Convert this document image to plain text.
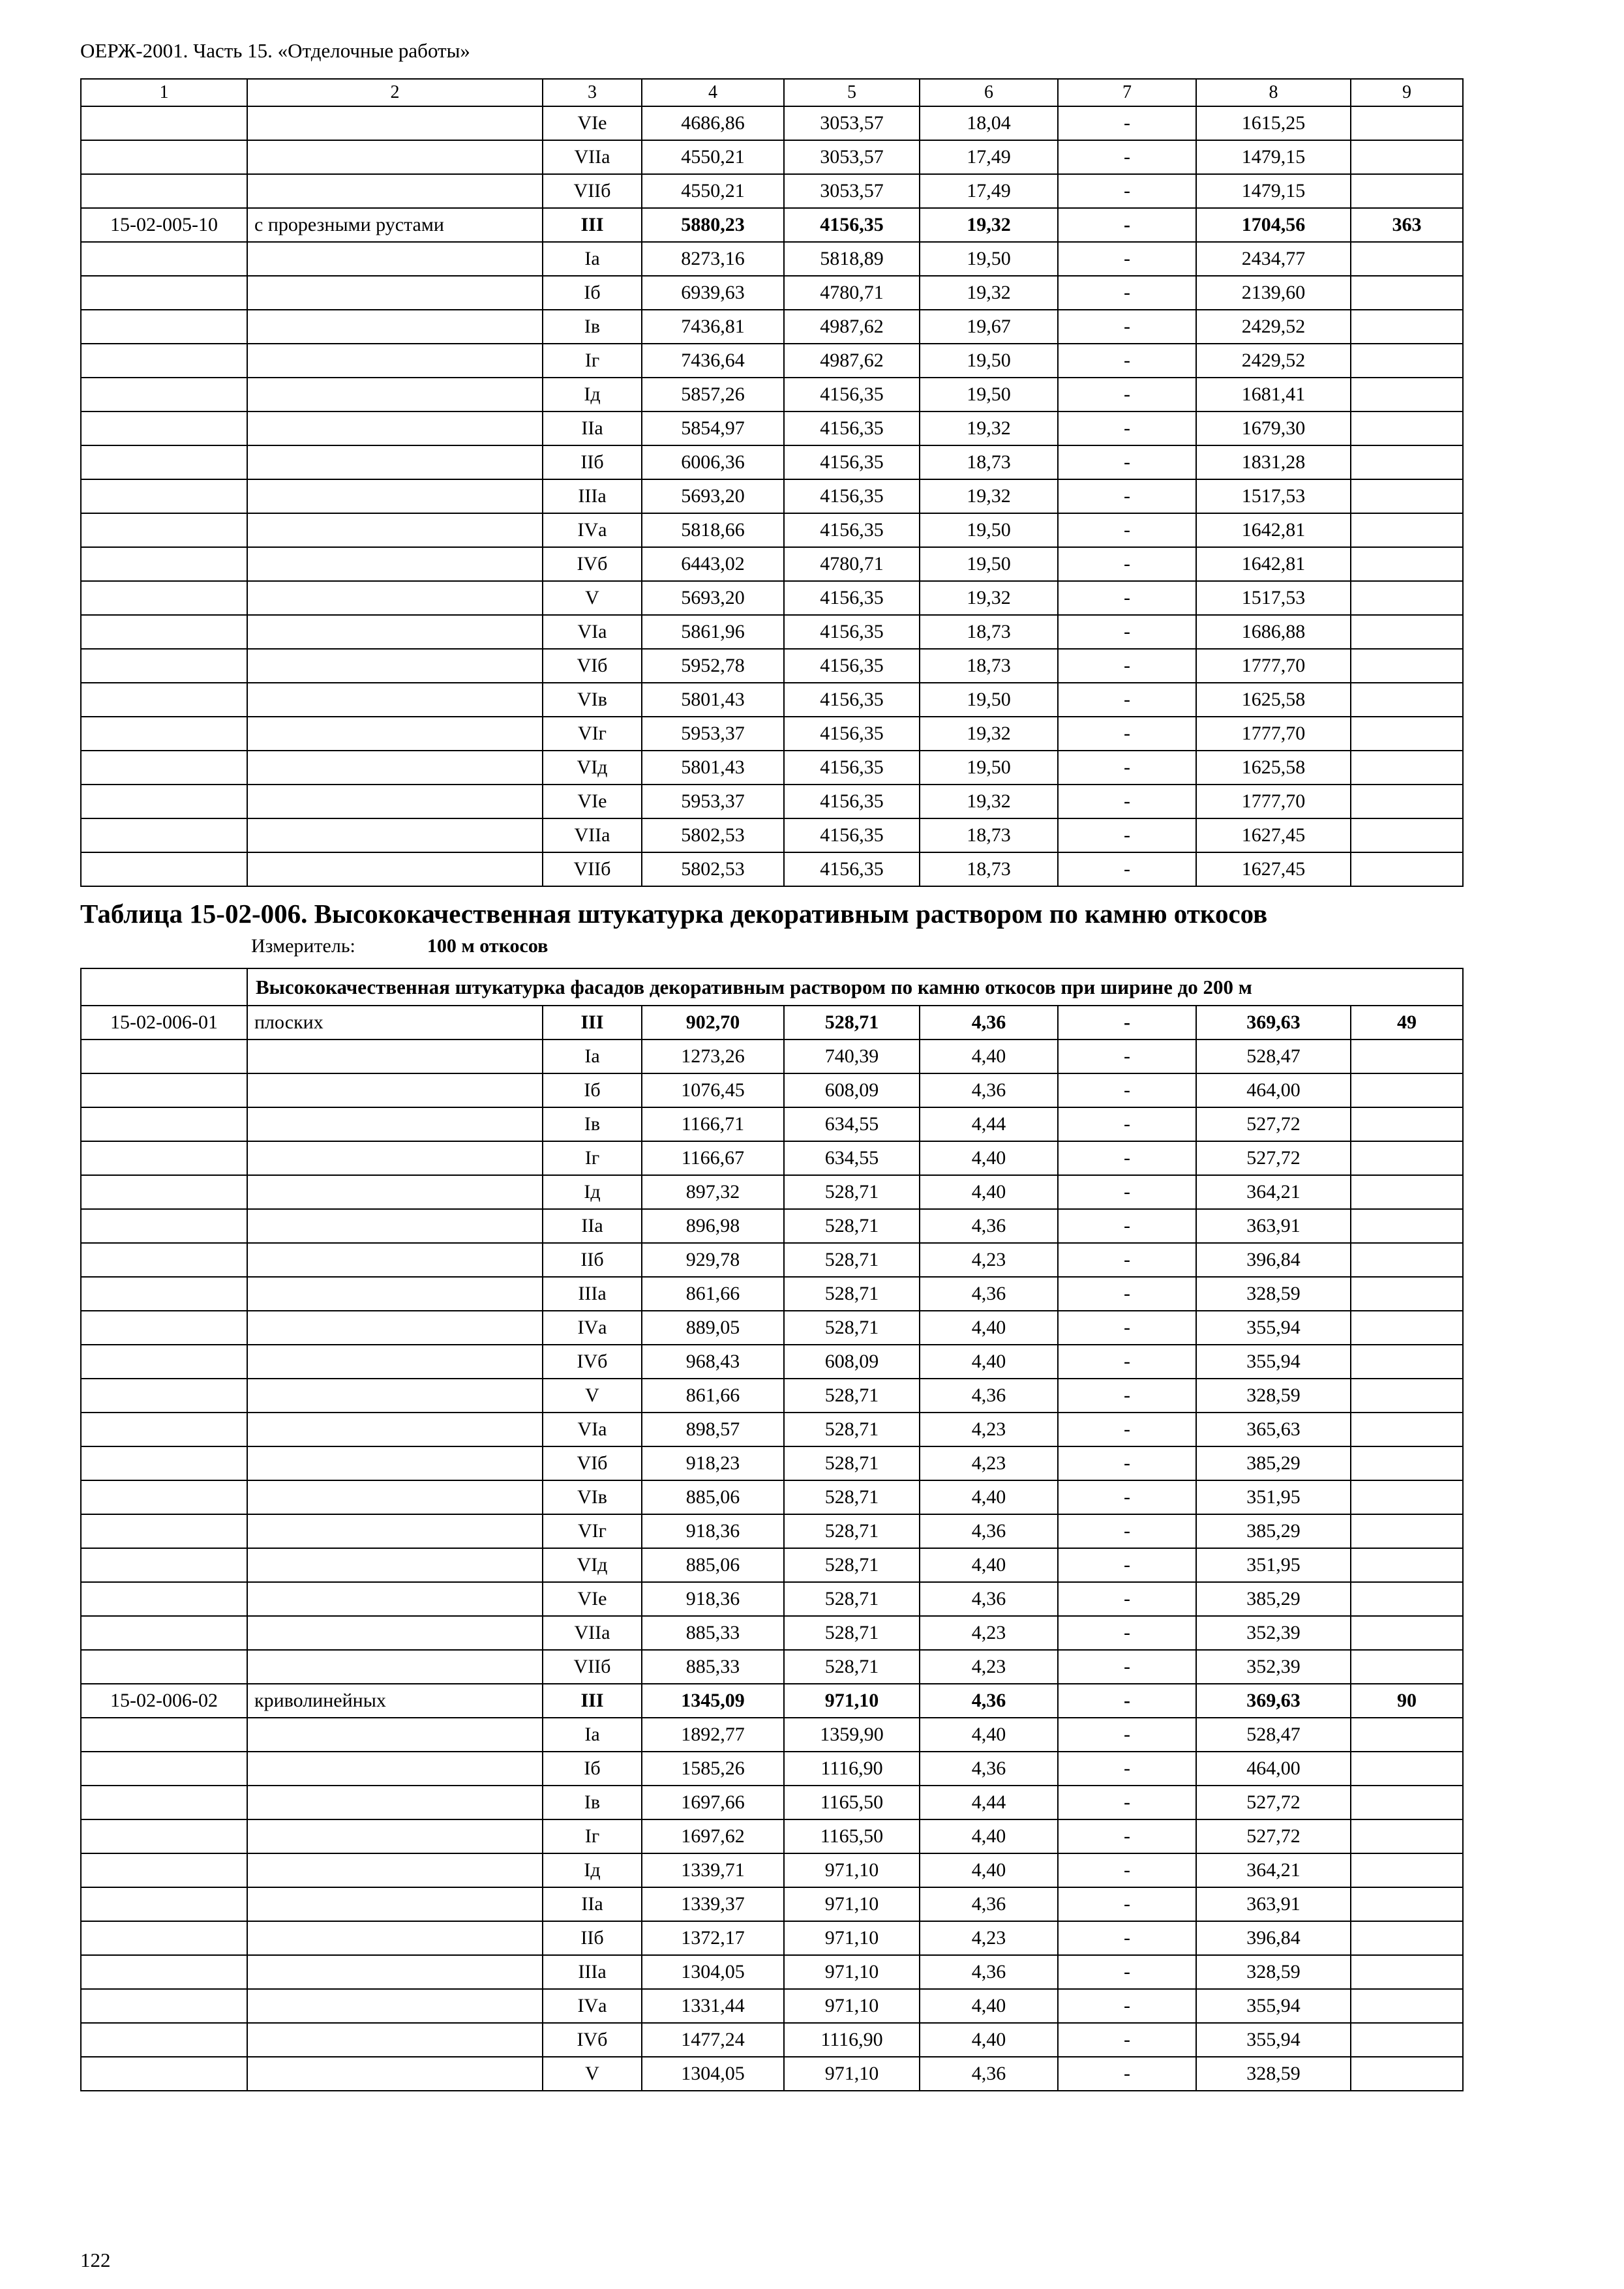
ОЕРЖ-2001. Часть 15. «Отделочные работы»
1	2	3	4	5	6	7	8	9
		VIе	4686,86	3053,57	18,04	-	1615,25	
		VIIа	4550,21	3053,57	17,49	-	1479,15	
		VIIб	4550,21	3053,57	17,49	-	1479,15	
15-02-005-10	с прорезными рустами	III	5880,23	4156,35	19,32	-	1704,56	363
		Iа	8273,16	5818,89	19,50	-	2434,77	
		Iб	6939,63	4780,71	19,32	-	2139,60	
		Iв	7436,81	4987,62	19,67	-	2429,52	
		Iг	7436,64	4987,62	19,50	-	2429,52	
		Iд	5857,26	4156,35	19,50	-	1681,41	
		IIа	5854,97	4156,35	19,32	-	1679,30	
		IIб	6006,36	4156,35	18,73	-	1831,28	
		IIIа	5693,20	4156,35	19,32	-	1517,53	
		IVа	5818,66	4156,35	19,50	-	1642,81	
		IVб	6443,02	4780,71	19,50	-	1642,81	
		V	5693,20	4156,35	19,32	-	1517,53	
		VIа	5861,96	4156,35	18,73	-	1686,88	
		VIб	5952,78	4156,35	18,73	-	1777,70	
		VIв	5801,43	4156,35	19,50	-	1625,58	
		VIг	5953,37	4156,35	19,32	-	1777,70	
		VIд	5801,43	4156,35	19,50	-	1625,58	
		VIе	5953,37	4156,35	19,32	-	1777,70	
		VIIа	5802,53	4156,35	18,73	-	1627,45	
		VIIб	5802,53	4156,35	18,73	-	1627,45	
Таблица 15-02-006. Высококачественная штукатурка декоративным раствором по камню откосов
Измеритель:	100 м откосов
	Высококачественная штукатурка фасадов декоративным раствором по камню откосов при ширине до 200 м							
15-02-006-01	плоских	III	902,70	528,71	4,36	-	369,63	49
		Iа	1273,26	740,39	4,40	-	528,47	
		Iб	1076,45	608,09	4,36	-	464,00	
		Iв	1166,71	634,55	4,44	-	527,72	
		Iг	1166,67	634,55	4,40	-	527,72	
		Iд	897,32	528,71	4,40	-	364,21	
		IIа	896,98	528,71	4,36	-	363,91	
		IIб	929,78	528,71	4,23	-	396,84	
		IIIа	861,66	528,71	4,36	-	328,59	
		IVа	889,05	528,71	4,40	-	355,94	
		IVб	968,43	608,09	4,40	-	355,94	
		V	861,66	528,71	4,36	-	328,59	
		VIа	898,57	528,71	4,23	-	365,63	
		VIб	918,23	528,71	4,23	-	385,29	
		VIв	885,06	528,71	4,40	-	351,95	
		VIг	918,36	528,71	4,36	-	385,29	
		VIд	885,06	528,71	4,40	-	351,95	
		VIе	918,36	528,71	4,36	-	385,29	
		VIIа	885,33	528,71	4,23	-	352,39	
		VIIб	885,33	528,71	4,23	-	352,39	
15-02-006-02	криволинейных	III	1345,09	971,10	4,36	-	369,63	90
		Iа	1892,77	1359,90	4,40	-	528,47	
		Iб	1585,26	1116,90	4,36	-	464,00	
		Iв	1697,66	1165,50	4,44	-	527,72	
		Iг	1697,62	1165,50	4,40	-	527,72	
		Iд	1339,71	971,10	4,40	-	364,21	
		IIа	1339,37	971,10	4,36	-	363,91	
		IIб	1372,17	971,10	4,23	-	396,84	
		IIIа	1304,05	971,10	4,36	-	328,59	
		IVа	1331,44	971,10	4,40	-	355,94	
		IVб	1477,24	1116,90	4,40	-	355,94	
		V	1304,05	971,10	4,36	-	328,59	
122
